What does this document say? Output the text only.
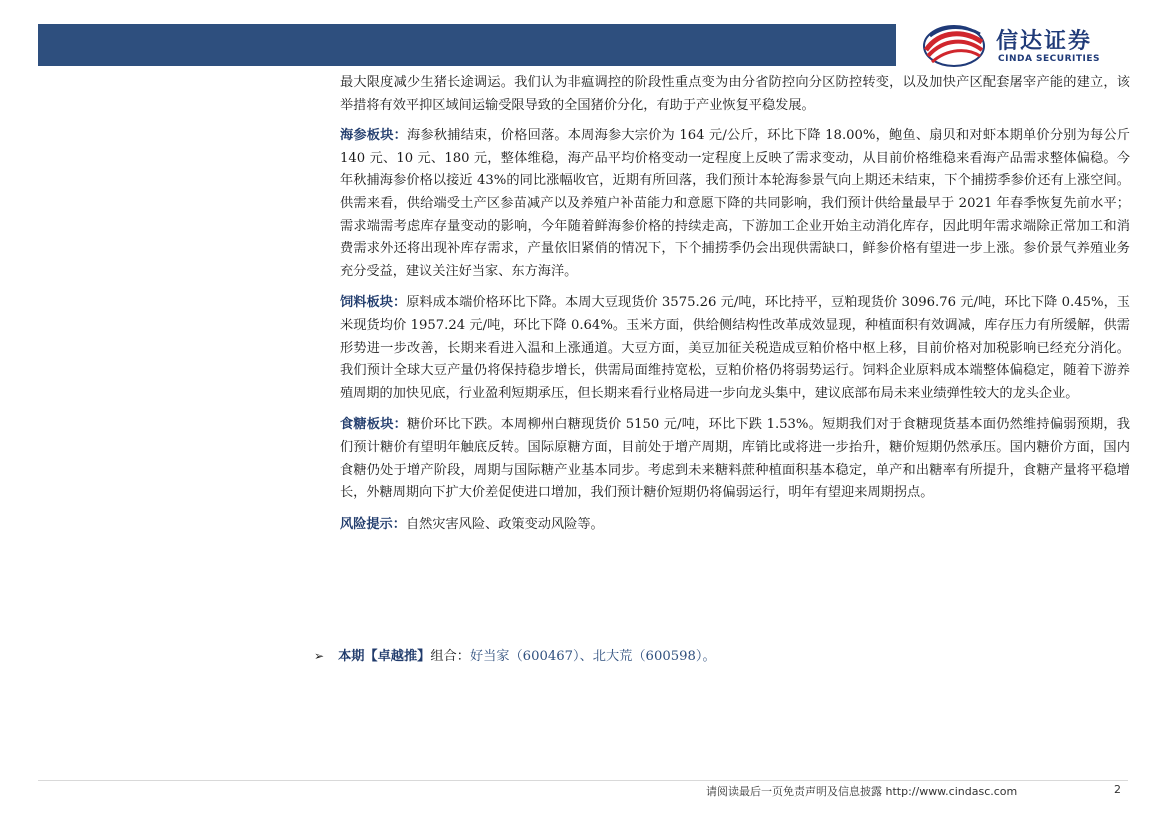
信达证券
CINDA SECURITIES

最大限度减少生猪长途调运。我们认为非瘟调控的阶段性重点变为由分省防控向分区防控转变，以及加快产区配套屠宰产能的建立，该举措将有效平抑区域间运输受限导致的全国猪价分化，有助于产业恢复平稳发展。

海参板块：海参秋捕结束，价格回落。本周海参大宗价为 164 元/公斤，环比下降 18.00%，鲍鱼、扇贝和对虾本期单价分别为每公斤 140 元、10 元、180 元，整体维稳，海产品平均价格变动一定程度上反映了需求变动，从目前价格维稳来看海产品需求整体偏稳。今年秋捕海参价格以接近 43%的同比涨幅收官，近期有所回落，我们预计本轮海参景气向上期还未结束，下个捕捞季参价还有上涨空间。供需来看，供给端受土产区参苗减产以及养殖户补苗能力和意愿下降的共同影响，我们预计供给量最早于 2021 年春季恢复先前水平；需求端需考虑库存量变动的影响，今年随着鲜海参价格的持续走高，下游加工企业开始主动消化库存，因此明年需求端除正常加工和消费需求外还将出现补库存需求，产量依旧紧俏的情况下，下个捕捞季仍会出现供需缺口，鲜参价格有望进一步上涨。参价景气养殖业务充分受益，建议关注好当家、东方海洋。

饲料板块：原料成本端价格环比下降。本周大豆现货价 3575.26 元/吨，环比持平，豆粕现货价 3096.76 元/吨，环比下降 0.45%，玉米现货均价 1957.24 元/吨，环比下降 0.64%。玉米方面，供给侧结构性改革成效显现，种植面积有效调减，库存压力有所缓解，供需形势进一步改善，长期来看进入温和上涨通道。大豆方面，美豆加征关税造成豆粕价格中枢上移，目前价格对加税影响已经充分消化。我们预计全球大豆产量仍将保持稳步增长，供需局面维持宽松，豆粕价格仍将弱势运行。饲料企业原料成本端整体偏稳定，随着下游养殖周期的加快见底，行业盈利短期承压，但长期来看行业格局进一步向龙头集中，建议底部布局未来业绩弹性较大的龙头企业。

食糖板块：糖价环比下跌。本周柳州白糖现货价 5150 元/吨，环比下跌 1.53%。短期我们对于食糖现货基本面仍然维持偏弱预期，我们预计糖价有望明年触底反转。国际原糖方面，目前处于增产周期，库销比或将进一步抬升，糖价短期仍然承压。国内糖价方面，国内食糖仍处于增产阶段，周期与国际糖产业基本同步。考虑到未来糖料蔗种植面积基本稳定，单产和出糖率有所提升，食糖产量将平稳增长，外糖周期向下扩大价差促使进口增加，我们预计糖价短期仍将偏弱运行，明年有望迎来周期拐点。

风险提示：自然灾害风险、政策变动风险等。

➢ 本期【卓越推】组合：好当家（600467）、北大荒（600598）。
请阅读最后一页免责声明及信息披露 http://www.cindasc.com	2
